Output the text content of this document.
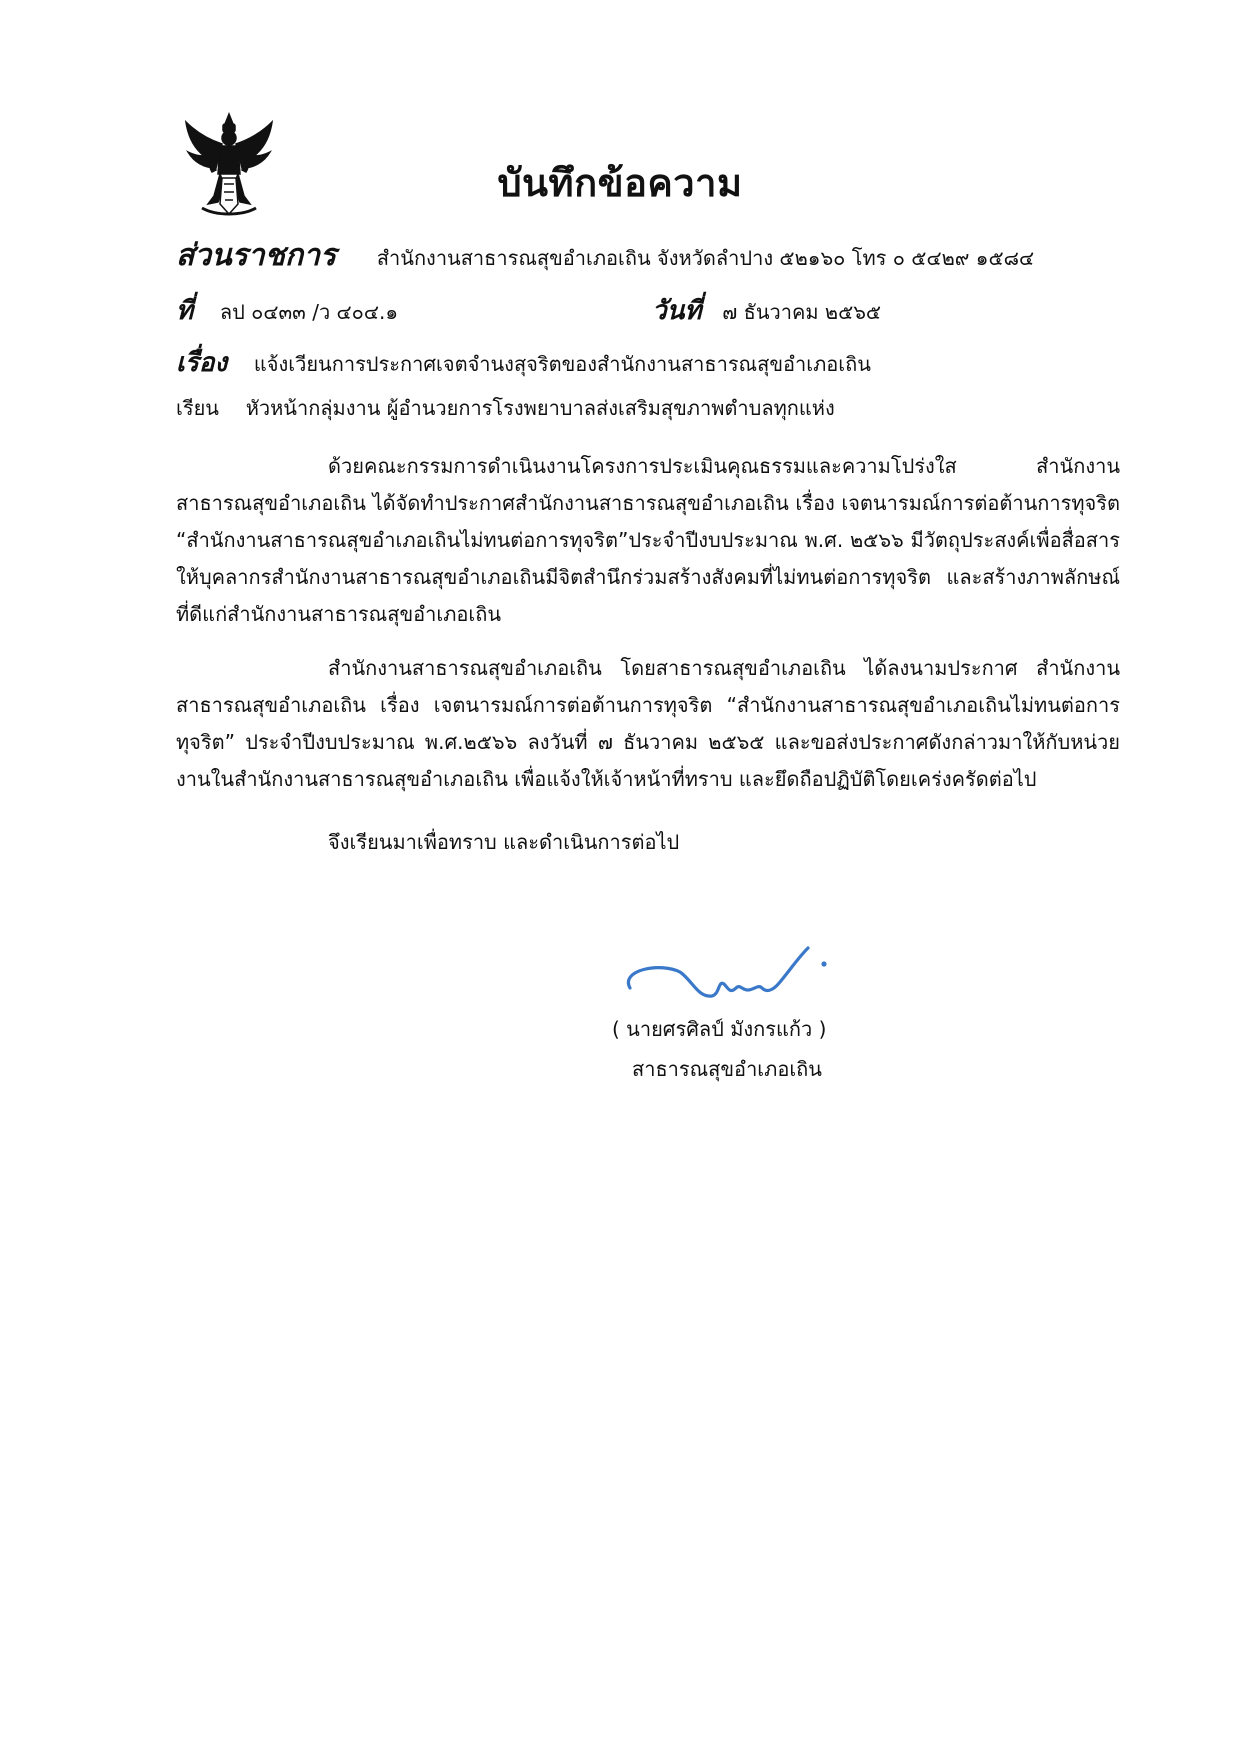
บันทึกข้อความ
ส่วนราชการ สำนักงานสาธารณสุขอำเภอเถิน จังหวัดลำปาง ๕๒๑๖๐ โทร ๐ ๕๔๒๙ ๑๕๘๔
ที่ ลป ๐๔๓๓ /ว ๔๐๔.๑	วันที่ ๗ ธันวาคม ๒๕๖๕
เรื่อง แจ้งเวียนการประกาศเจตจำนงสุจริตของสำนักงานสาธารณสุขอำเภอเถิน
เรียน หัวหน้ากลุ่มงาน ผู้อำนวยการโรงพยาบาลส่งเสริมสุขภาพตำบลทุกแห่ง
ด้วยคณะกรรมการดำเนินงานโครงการประเมินคุณธรรมและความโปร่งใส สำนักงานสาธารณสุขอำเภอเถิน ได้จัดทำประกาศสำนักงานสาธารณสุขอำเภอเถิน เรื่อง เจตนารมณ์การต่อต้านการทุจริต “สำนักงานสาธารณสุขอำเภอเถินไม่ทนต่อการทุจริต”ประจำปีงบประมาณ พ.ศ. ๒๕๖๖ มีวัตถุประสงค์เพื่อสื่อสารให้บุคลากรสำนักงานสาธารณสุขอำเภอเถินมีจิตสำนึกร่วมสร้างสังคมที่ไม่ทนต่อการทุจริต และสร้างภาพลักษณ์ที่ดีแก่สำนักงานสาธารณสุขอำเภอเถิน
สำนักงานสาธารณสุขอำเภอเถิน โดยสาธารณสุขอำเภอเถิน ได้ลงนามประกาศ สำนักงานสาธารณสุขอำเภอเถิน เรื่อง เจตนารมณ์การต่อต้านการทุจริต “สำนักงานสาธารณสุขอำเภอเถินไม่ทนต่อการทุจริต” ประจำปีงบประมาณ พ.ศ.๒๕๖๖ ลงวันที่ ๗ ธันวาคม ๒๕๖๕ และขอส่งประกาศดังกล่าวมาให้กับหน่วยงานในสำนักงานสาธารณสุขอำเภอเถิน เพื่อแจ้งให้เจ้าหน้าที่ทราบ และยึดถือปฏิบัติโดยเคร่งครัดต่อไป
จึงเรียนมาเพื่อทราบ และดำเนินการต่อไป
( นายศรศิลป์ มังกรแก้ว )
สาธารณสุขอำเภอเถิน
